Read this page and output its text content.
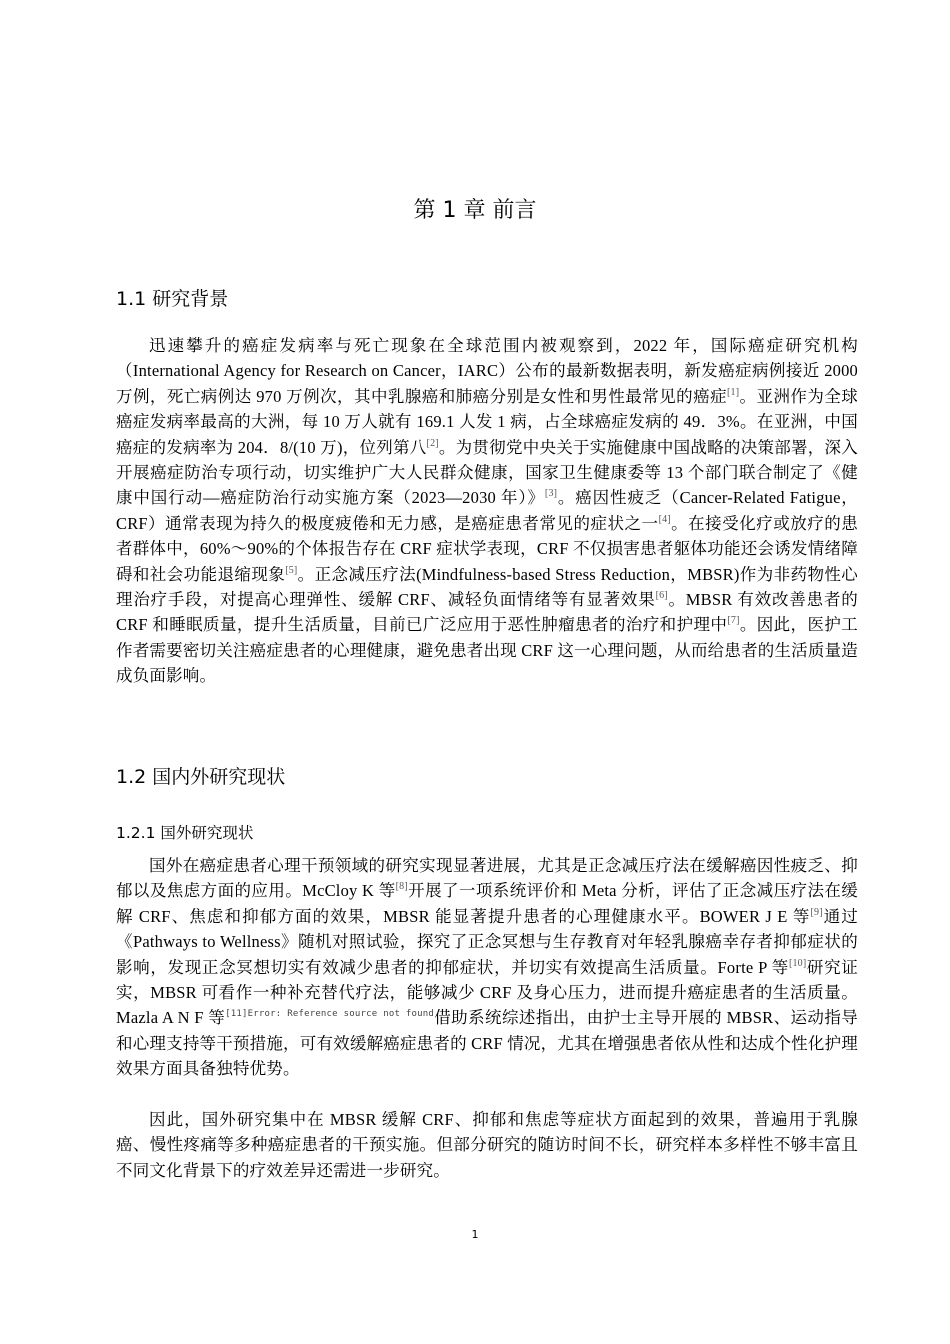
第 1 章 前言
1.1 研究背景

迅速攀升的癌症发病率与死亡现象在全球范围内被观察到，2022 年，国际癌症研究机构（International Agency for Research on Cancer，IARC）公布的最新数据表明，新发癌症病例接近 2000 万例，死亡病例达 970 万例次，其中乳腺癌和肺癌分别是女性和男性最常见的癌症[1]。亚洲作为全球癌症发病率最高的大洲，每 10 万人就有 169.1 人发 1 病，占全球癌症发病的 49．3%。在亚洲，中国癌症的发病率为 204．8/(10 万)，位列第八[2]。为贯彻党中央关于实施健康中国战略的决策部署，深入开展癌症防治专项行动，切实维护广大人民群众健康，国家卫生健康委等 13 个部门联合制定了《健康中国行动—癌症防治行动实施方案（2023—2030 年）》[3]。癌因性疲乏（Cancer-Related Fatigue，CRF）通常表现为持久的极度疲倦和无力感，是癌症患者常见的症状之一[4]。在接受化疗或放疗的患者群体中，60%～90%的个体报告存在 CRF 症状学表现，CRF 不仅损害患者躯体功能还会诱发情绪障碍和社会功能退缩现象[5]。正念减压疗法(Mindfulness-based Stress Reduction，MBSR)作为非药物性心理治疗手段，对提高心理弹性、缓解 CRF、减轻负面情绪等有显著效果[6]。MBSR 有效改善患者的 CRF 和睡眠质量，提升生活质量，目前已广泛应用于恶性肿瘤患者的治疗和护理中[7]。因此，医护工作者需要密切关注癌症患者的心理健康，避免患者出现 CRF 这一心理问题，从而给患者的生活质量造成负面影响。

1.2 国内外研究现状
1.2.1 国外研究现状

国外在癌症患者心理干预领域的研究实现显著进展，尤其是正念减压疗法在缓解癌因性疲乏、抑郁以及焦虑方面的应用。McCloy K 等[8]开展了一项系统评价和 Meta 分析，评估了正念减压疗法在缓解 CRF、焦虑和抑郁方面的效果，MBSR 能显著提升患者的心理健康水平。BOWER J E 等[9]通过《Pathways to Wellness》随机对照试验，探究了正念冥想与生存教育对年轻乳腺癌幸存者抑郁症状的影响，发现正念冥想切实有效减少患者的抑郁症状，并切实有效提高生活质量。Forte P 等[10]研究证实，MBSR 可看作一种补充替代疗法，能够减少 CRF 及身心压力，进而提升癌症患者的生活质量。Mazla A N F 等$^{[11]Error: Reference source not found}$借助系统综述指出，由护士主导开展的 MBSR、运动指导和心理支持等干预措施，可有效缓解癌症患者的 CRF 情况，尤其在增强患者依从性和达成个性化护理效果方面具备独特优势。

因此，国外研究集中在 MBSR 缓解 CRF、抑郁和焦虑等症状方面起到的效果，普遍用于乳腺癌、慢性疼痛等多种癌症患者的干预实施。但部分研究的随访时间不长，研究样本多样性不够丰富且不同文化背景下的疗效差异还需进一步研究。

1
